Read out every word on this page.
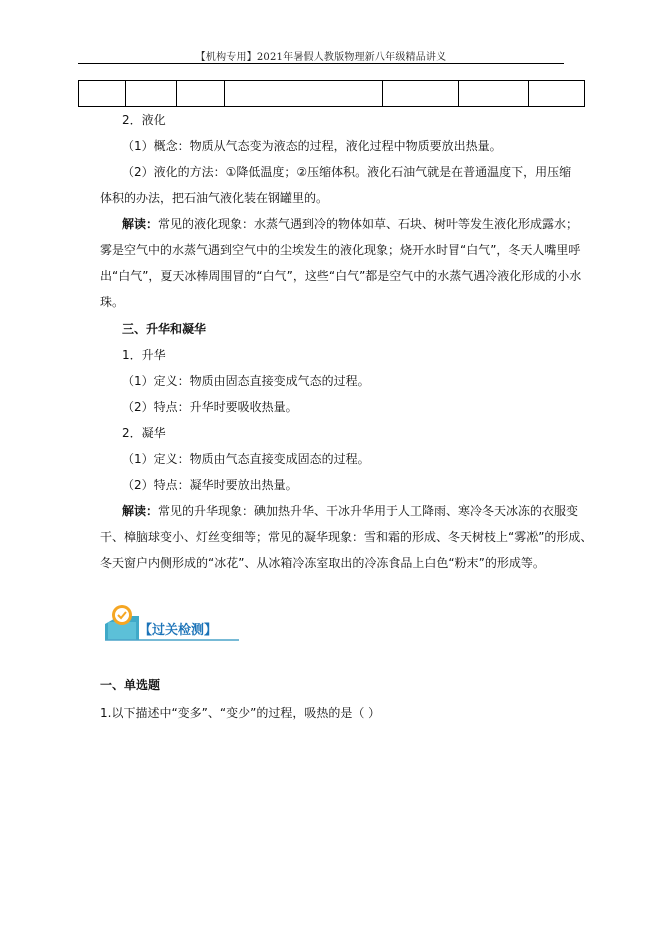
【机构专用】2021年暑假人教版物理新八年级精品讲义

2．液化
（1）概念：物质从气态变为液态的过程，液化过程中物质要放出热量。
（2）液化的方法：①降低温度；②压缩体积。液化石油气就是在普通温度下，用压缩
体积的办法，把石油气液化装在钢罐里的。
解读：常见的液化现象：水蒸气遇到冷的物体如草、石块、树叶等发生液化形成露水；
雾是空气中的水蒸气遇到空气中的尘埃发生的液化现象；烧开水时冒“白气”，冬天人嘴里呼
出“白气”，夏天冰棒周围冒的“白气”，这些“白气”都是空气中的水蒸气遇冷液化形成的小水
珠。
三、升华和凝华
1．升华
（1）定义：物质由固态直接变成气态的过程。
（2）特点：升华时要吸收热量。
2．凝华
（1）定义：物质由气态直接变成固态的过程。
（2）特点：凝华时要放出热量。
解读：常见的升华现象：碘加热升华、干冰升华用于人工降雨、寒冷冬天冰冻的衣服变
干、樟脑球变小、灯丝变细等；常见的凝华现象：雪和霜的形成、冬天树枝上“雾凇”的形成、
冬天窗户内侧形成的“冰花”、从冰箱冷冻室取出的冷冻食品上白色“粉末”的形成等。
【过关检测】
一、单选题
1.以下描述中“变多”、“变少”的过程，吸热的是（ ）
